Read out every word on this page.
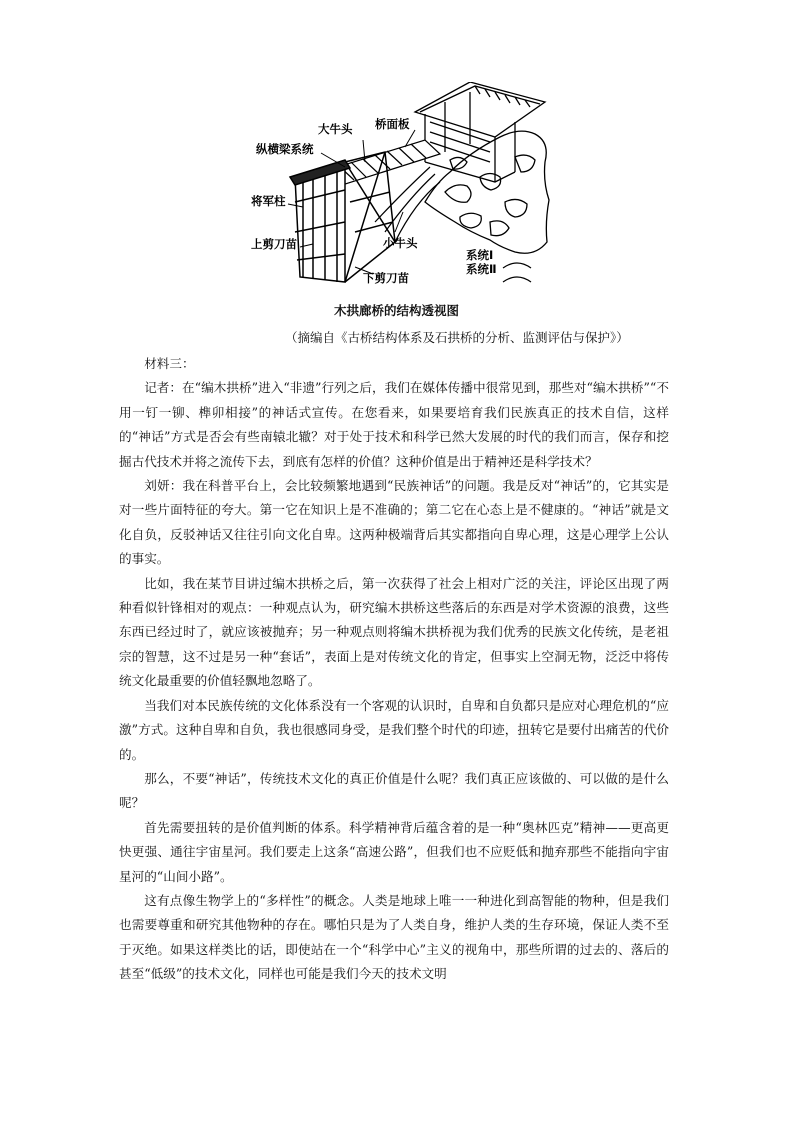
桥面板
大牛头
纵横梁系统
将军柱
上剪刀苗	小牛头
下剪刀苗
系统Ⅰ
系统Ⅱ
木拱廊桥的结构透视图
（摘编自《古桥结构体系及石拱桥的分析、监测评估与保护》）

材料三：

记者：在“编木拱桥”进入“非遗”行列之后，我们在媒体传播中很常见到，那些对“编木拱桥”“不用一钉一铆、榫卯相接”的神话式宣传。在您看来，如果要培育我们民族真正的技术自信，这样的“神话”方式是否会有些南辕北辙？对于处于技术和科学已然大发展的时代的我们而言，保存和挖掘古代技术并将之流传下去，到底有怎样的价值？这种价值是出于精神还是科学技术？

刘妍：我在科普平台上，会比较频繁地遇到“民族神话”的问题。我是反对“神话”的，它其实是对一些片面特征的夸大。第一它在知识上是不准确的；第二它在心态上是不健康的。“神话”就是文化自负，反驳神话又往往引向文化自卑。这两种极端背后其实都指向自卑心理，这是心理学上公认的事实。

比如，我在某节目讲过编木拱桥之后，第一次获得了社会上相对广泛的关注，评论区出现了两种看似针锋相对的观点：一种观点认为，研究编木拱桥这些落后的东西是对学术资源的浪费，这些东西已经过时了，就应该被抛弃；另一种观点则将编木拱桥视为我们优秀的民族文化传统，是老祖宗的智慧，这不过是另一种“套话”，表面上是对传统文化的肯定，但事实上空洞无物，泛泛中将传统文化最重要的价值轻飘地忽略了。

当我们对本民族传统的文化体系没有一个客观的认识时，自卑和自负都只是应对心理危机的“应激”方式。这种自卑和自负，我也很感同身受，是我们整个时代的印迹，扭转它是要付出痛苦的代价的。

那么，不要“神话”，传统技术文化的真正价值是什么呢？我们真正应该做的、可以做的是什么呢？

首先需要扭转的是价值判断的体系。科学精神背后蕴含着的是一种“奥林匹克”精神——更高更快更强、通往宇宙星河。我们要走上这条“高速公路”，但我们也不应贬低和抛弃那些不能指向宇宙星河的“山间小路”。

这有点像生物学上的“多样性”的概念。人类是地球上唯一一种进化到高智能的物种，但是我们也需要尊重和研究其他物种的存在。哪怕只是为了人类自身，维护人类的生存环境，保证人类不至于灭绝。如果这样类比的话，即使站在一个“科学中心”主义的视角中，那些所谓的过去的、落后的甚至“低级”的技术文化，同样也可能是我们今天的技术文明
